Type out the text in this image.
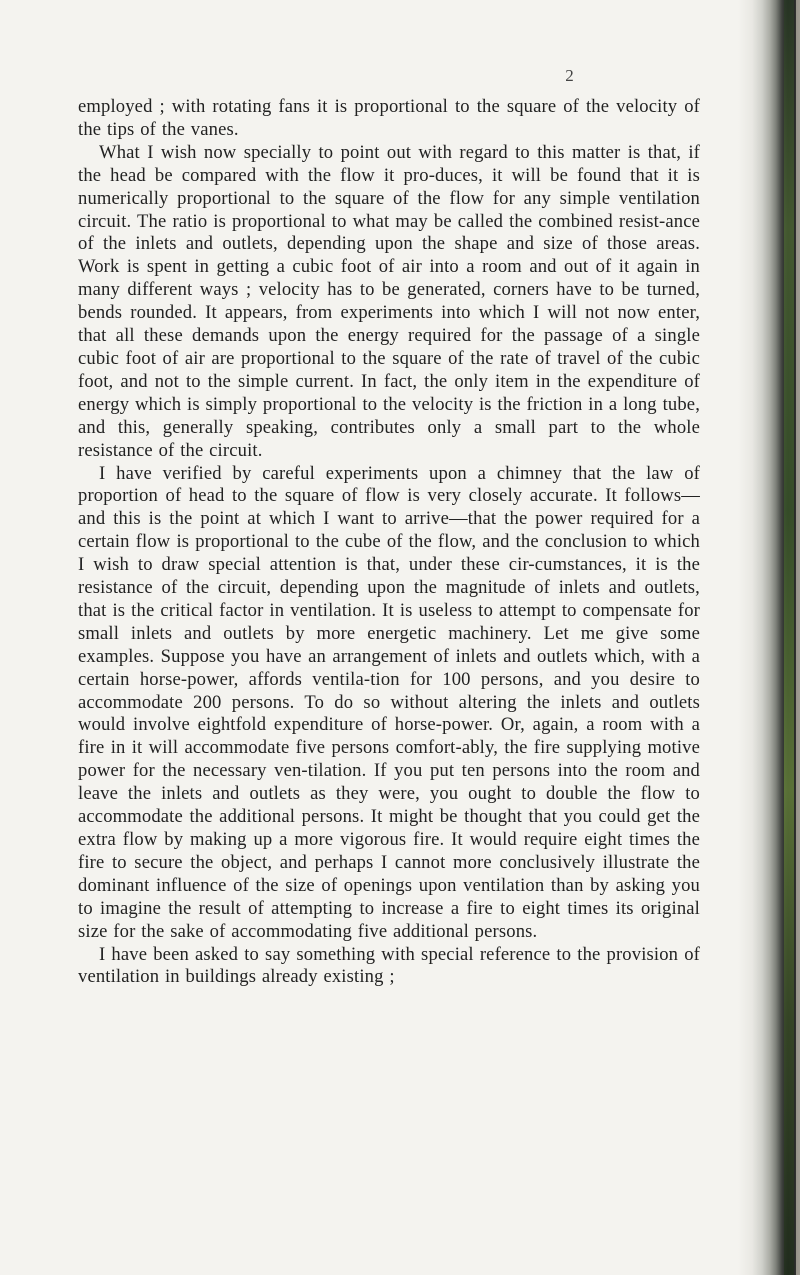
2

employed ; with rotating fans it is proportional to the square of the velocity of the tips of the vanes.

What I wish now specially to point out with regard to this matter is that, if the head be compared with the flow it pro-duces, it will be found that it is numerically proportional to the square of the flow for any simple ventilation circuit. The ratio is proportional to what may be called the combined resist-ance of the inlets and outlets, depending upon the shape and size of those areas. Work is spent in getting a cubic foot of air into a room and out of it again in many different ways ; velocity has to be generated, corners have to be turned, bends rounded. It appears, from experiments into which I will not now enter, that all these demands upon the energy required for the passage of a single cubic foot of air are proportional to the square of the rate of travel of the cubic foot, and not to the simple current. In fact, the only item in the expenditure of energy which is simply proportional to the velocity is the friction in a long tube, and this, generally speaking, contributes only a small part to the whole resistance of the circuit.

I have verified by careful experiments upon a chimney that the law of proportion of head to the square of flow is very closely accurate. It follows—and this is the point at which I want to arrive—that the power required for a certain flow is proportional to the cube of the flow, and the conclusion to which I wish to draw special attention is that, under these cir-cumstances, it is the resistance of the circuit, depending upon the magnitude of inlets and outlets, that is the critical factor in ventilation. It is useless to attempt to compensate for small inlets and outlets by more energetic machinery. Let me give some examples. Suppose you have an arrangement of inlets and outlets which, with a certain horse-power, affords ventila-tion for 100 persons, and you desire to accommodate 200 persons. To do so without altering the inlets and outlets would involve eightfold expenditure of horse-power. Or, again, a room with a fire in it will accommodate five persons comfort-ably, the fire supplying motive power for the necessary ven-tilation. If you put ten persons into the room and leave the inlets and outlets as they were, you ought to double the flow to accommodate the additional persons. It might be thought that you could get the extra flow by making up a more vigorous fire. It would require eight times the fire to secure the object, and perhaps I cannot more conclusively illustrate the dominant influence of the size of openings upon ventilation than by asking you to imagine the result of attempting to increase a fire to eight times its original size for the sake of accommodating five additional persons.

I have been asked to say something with special reference to the provision of ventilation in buildings already existing ;
